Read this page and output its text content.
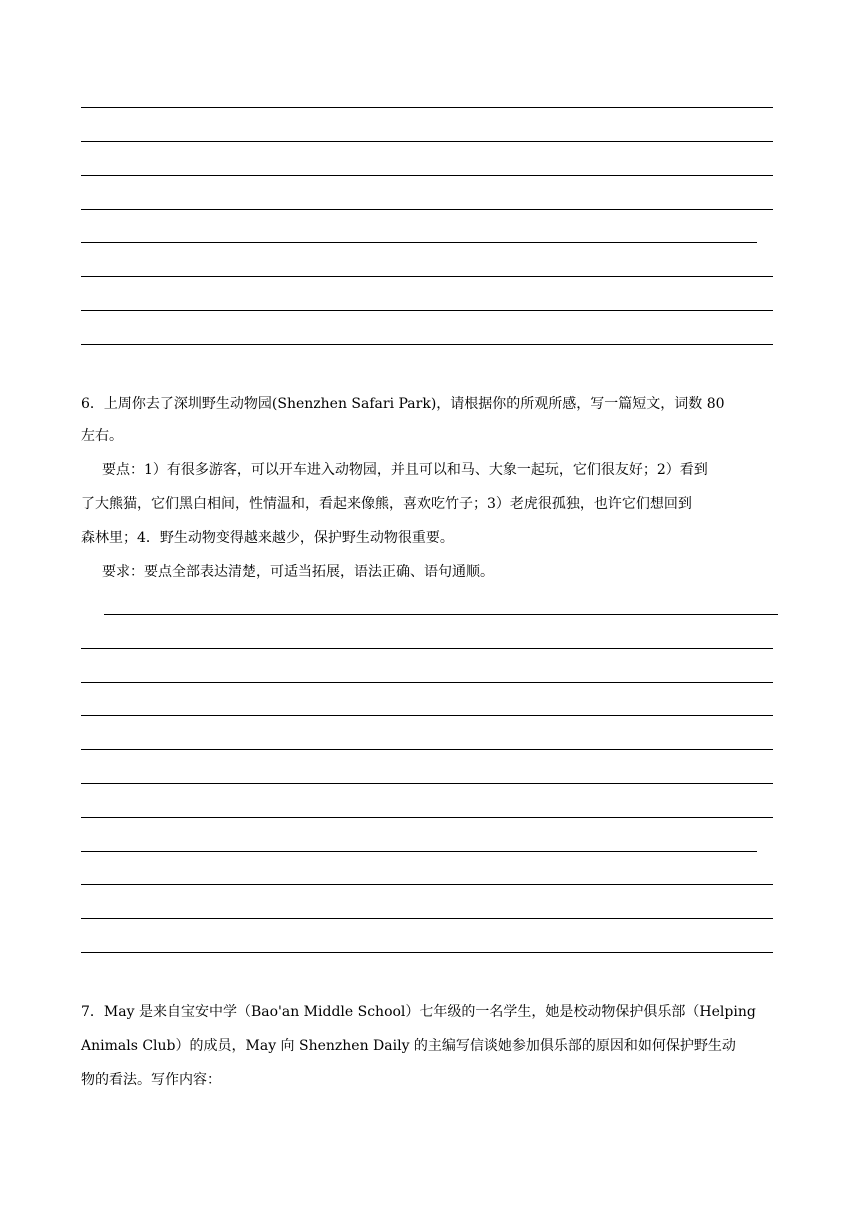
6．上周你去了深圳野生动物园(Shenzhen Safari Park)，请根据你的所观所感，写一篇短文，词数 80
左右。
要点：1）有很多游客，可以开车进入动物园，并且可以和马、大象一起玩，它们很友好；2）看到
了大熊猫，它们黑白相间，性情温和，看起来像熊，喜欢吃竹子；3）老虎很孤独，也许它们想回到
森林里；4．野生动物变得越来越少，保护野生动物很重要。
要求：要点全部表达清楚，可适当拓展，语法正确、语句通顺。
7．May 是来自宝安中学（Bao'an Middle School）七年级的一名学生，她是校动物保护俱乐部（Helping
Animals Club）的成员，May 向 Shenzhen Daily 的主编写信谈她参加俱乐部的原因和如何保护野生动
物的看法。写作内容：
